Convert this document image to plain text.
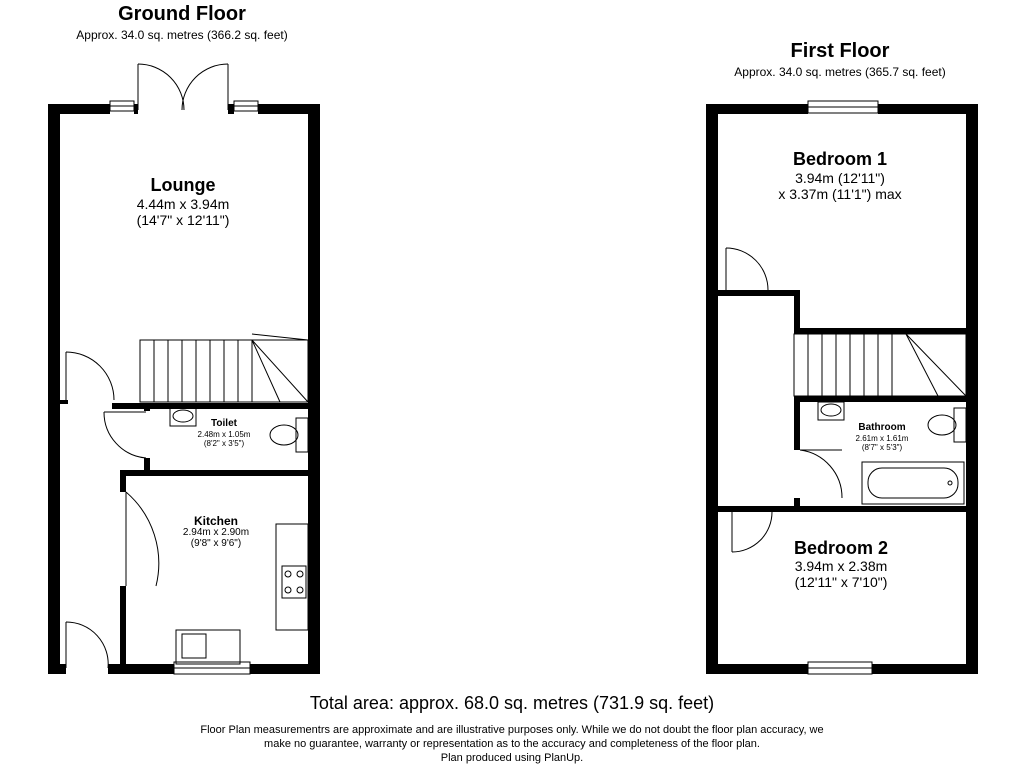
Ground Floor
Approx. 34.0 sq. metres (366.2 sq. feet)
First Floor
Approx. 34.0 sq. metres (365.7 sq. feet)
Lounge
4.44m x 3.94m
(14'7" x 12'11")
Toilet
2.48m x 1.05m
(8'2" x 3'5")
Kitchen
2.94m x 2.90m
(9'8" x 9'6")
Bedroom 1
3.94m (12'11")
x 3.37m (11'1") max
Bathroom
2.61m x 1.61m
(8'7" x 5'3")
Bedroom 2
3.94m x 2.38m
(12'11" x 7'10")
Total area: approx. 68.0 sq. metres (731.9 sq. feet)
Floor Plan measurementrs are approximate and are illustrative purposes only. While we do not doubt the floor plan accuracy, we
make no guarantee, warranty or representation as to the accuracy and completeness of the floor plan.
Plan produced using PlanUp.
